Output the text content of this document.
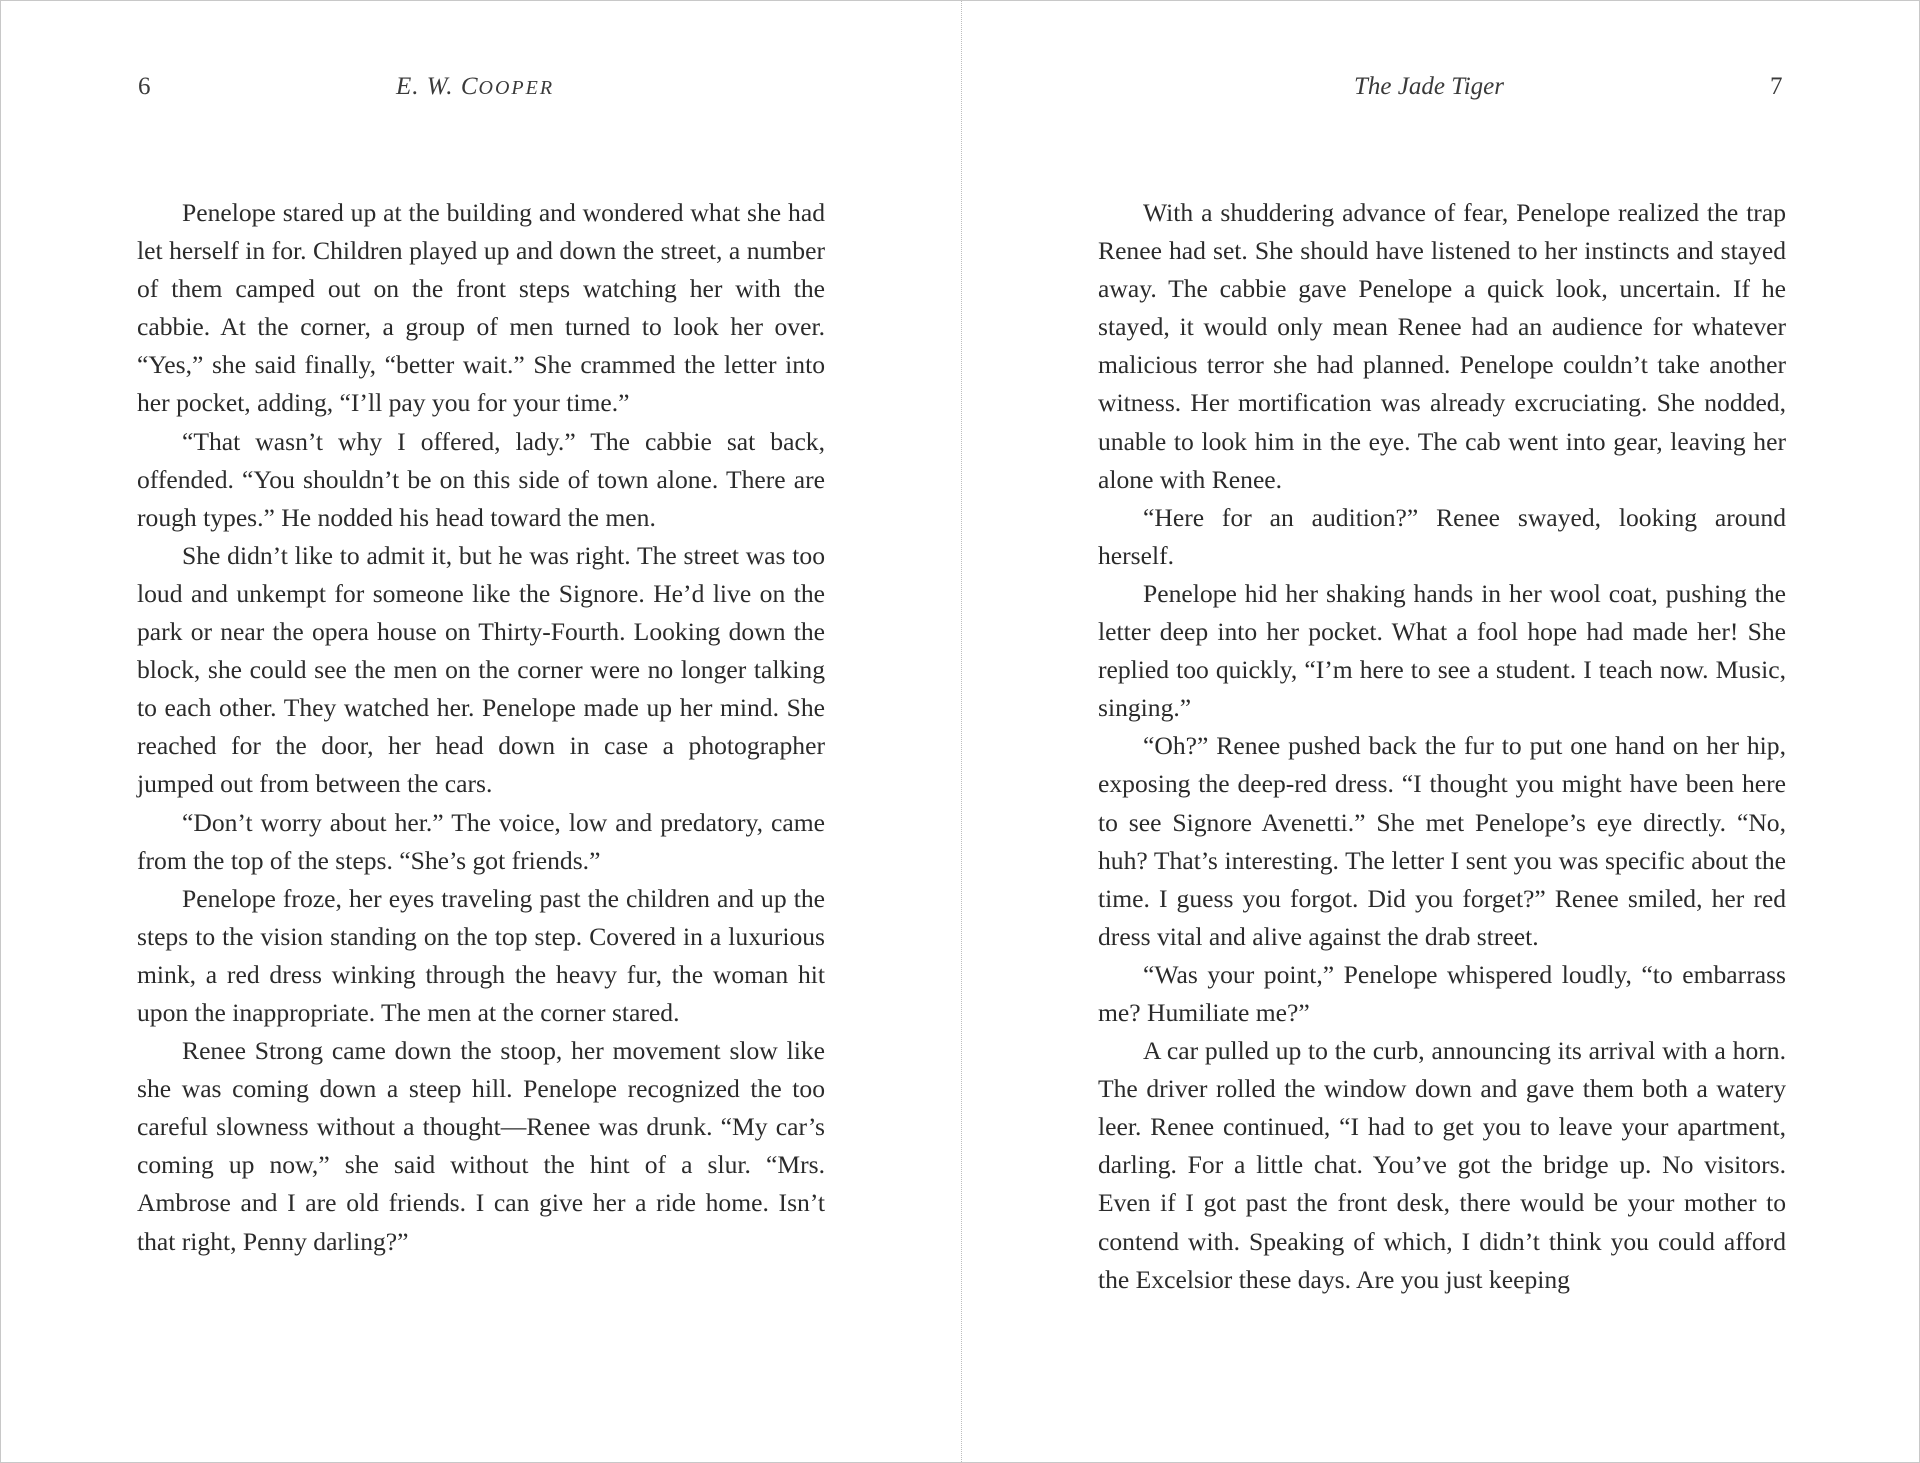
6	E. W. COOPER

Penelope stared up at the building and wondered what she had let herself in for. Children played up and down the street, a number of them camped out on the front steps watching her with the cabbie. At the corner, a group of men turned to look her over. “Yes,” she said finally, “better wait.” She crammed the letter into her pocket, adding, “I’ll pay you for your time.”

“That wasn’t why I offered, lady.” The cabbie sat back, offended. “You shouldn’t be on this side of town alone. There are rough types.” He nodded his head toward the men.

She didn’t like to admit it, but he was right. The street was too loud and unkempt for someone like the Signore. He’d live on the park or near the opera house on Thirty-Fourth. Looking down the block, she could see the men on the corner were no longer talking to each other. They watched her. Penelope made up her mind. She reached for the door, her head down in case a photographer jumped out from between the cars.

“Don’t worry about her.” The voice, low and predatory, came from the top of the steps. “She’s got friends.”

Penelope froze, her eyes traveling past the children and up the steps to the vision standing on the top step. Covered in a luxurious mink, a red dress winking through the heavy fur, the woman hit upon the inappropriate. The men at the corner stared.

Renee Strong came down the stoop, her movement slow like she was coming down a steep hill. Penelope recognized the too careful slowness without a thought—Renee was drunk. “My car’s coming up now,” she said without the hint of a slur. “Mrs. Ambrose and I are old friends. I can give her a ride home. Isn’t that right, Penny darling?”

The Jade Tiger	7

With a shuddering advance of fear, Penelope realized the trap Renee had set. She should have listened to her instincts and stayed away. The cabbie gave Penelope a quick look, uncertain. If he stayed, it would only mean Renee had an audience for whatever malicious terror she had planned. Penelope couldn’t take another witness. Her mortification was already excruciating. She nodded, unable to look him in the eye. The cab went into gear, leaving her alone with Renee.

“Here for an audition?” Renee swayed, looking around herself.

Penelope hid her shaking hands in her wool coat, pushing the letter deep into her pocket. What a fool hope had made her! She replied too quickly, “I’m here to see a student. I teach now. Music, singing.”

“Oh?” Renee pushed back the fur to put one hand on her hip, exposing the deep-red dress. “I thought you might have been here to see Signore Avenetti.” She met Penelope’s eye directly. “No, huh? That’s interesting. The letter I sent you was specific about the time. I guess you forgot. Did you forget?” Renee smiled, her red dress vital and alive against the drab street.

“Was your point,” Penelope whispered loudly, “to embarrass me? Humiliate me?”

A car pulled up to the curb, announcing its arrival with a horn. The driver rolled the window down and gave them both a watery leer. Renee continued, “I had to get you to leave your apartment, darling. For a little chat. You’ve got the bridge up. No visitors. Even if I got past the front desk, there would be your mother to contend with. Speaking of which, I didn’t think you could afford the Excelsior these days. Are you just keeping
